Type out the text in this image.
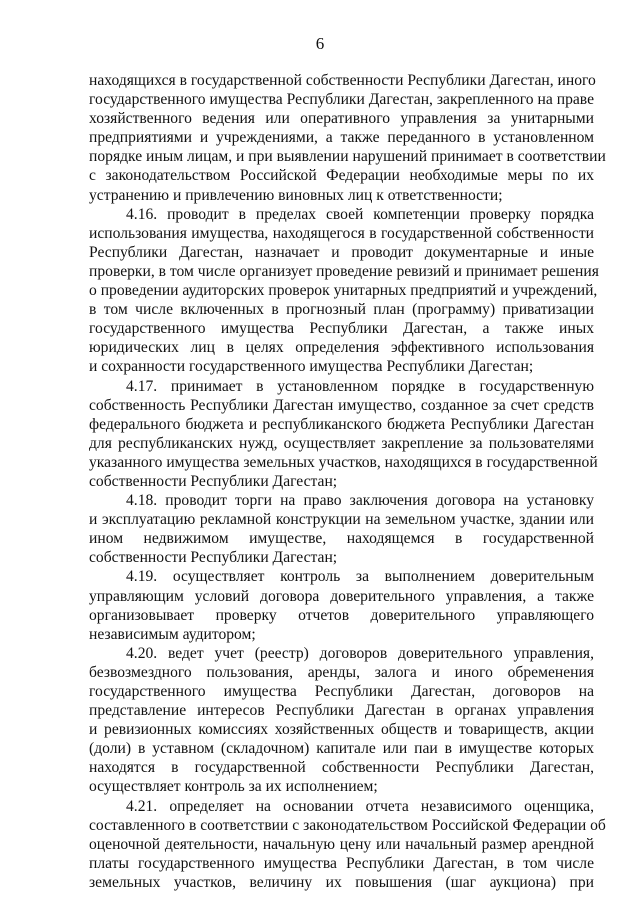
6
находящихся в государственной собственности Республики Дагестан, иного
государственного имущества Республики Дагестан, закрепленного на праве
хозяйственного ведения или оперативного управления за унитарными
предприятиями и учреждениями, а также переданного в установленном
порядке иным лицам, и при выявлении нарушений принимает в соответствии
с законодательством Российской Федерации необходимые меры по их
устранению и привлечению виновных лиц к ответственности;
4.16. проводит в пределах своей компетенции проверку порядка
использования имущества, находящегося в государственной собственности
Республики Дагестан, назначает и проводит документарные и иные
проверки, в том числе организует проведение ревизий и принимает решения
о проведении аудиторских проверок унитарных предприятий и учреждений,
в том числе включенных в прогнозный план (программу) приватизации
государственного имущества Республики Дагестан, а также иных
юридических лиц в целях определения эффективного использования
и сохранности государственного имущества Республики Дагестан;
4.17. принимает в установленном порядке в государственную
собственность Республики Дагестан имущество, созданное за счет средств
федерального бюджета и республиканского бюджета Республики Дагестан
для республиканских нужд, осуществляет закрепление за пользователями
указанного имущества земельных участков, находящихся в государственной
собственности Республики Дагестан;
4.18. проводит торги на право заключения договора на установку
и эксплуатацию рекламной конструкции на земельном участке, здании или
ином недвижимом имуществе, находящемся в государственной
собственности Республики Дагестан;
4.19. осуществляет контроль за выполнением доверительным
управляющим условий договора доверительного управления, а также
организовывает проверку отчетов доверительного управляющего
независимым аудитором;
4.20. ведет учет (реестр) договоров доверительного управления,
безвозмездного пользования, аренды, залога и иного обременения
государственного имущества Республики Дагестан, договоров на
представление интересов Республики Дагестан в органах управления
и ревизионных комиссиях хозяйственных обществ и товариществ, акции
(доли) в уставном (складочном) капитале или паи в имуществе которых
находятся в государственной собственности Республики Дагестан,
осуществляет контроль за их исполнением;
4.21. определяет на основании отчета независимого оценщика,
составленного в соответствии с законодательством Российской Федерации об
оценочной деятельности, начальную цену или начальный размер арендной
платы государственного имущества Республики Дагестан, в том числе
земельных участков, величину их повышения (шаг аукциона) при
